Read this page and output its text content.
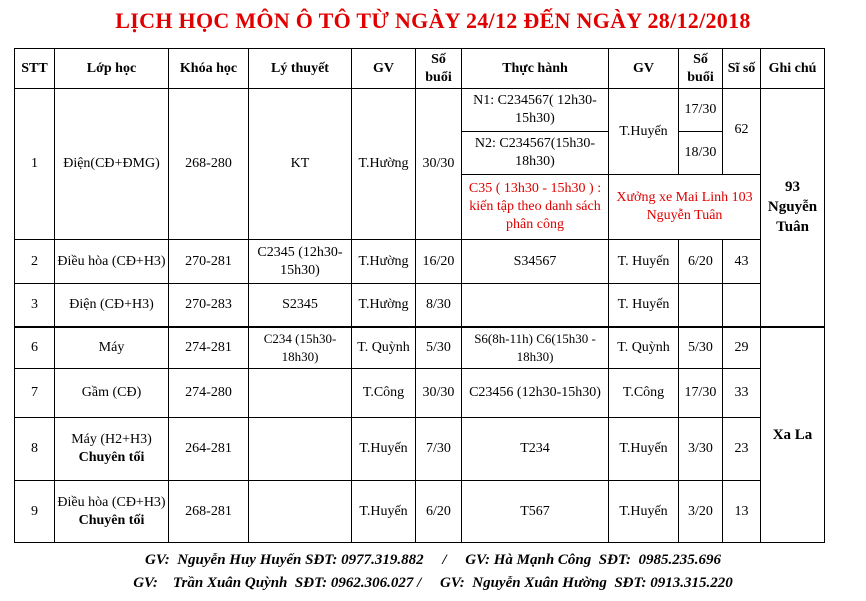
LỊCH HỌC MÔN Ô TÔ TỪ NGÀY 24/12 ĐẾN NGÀY 28/12/2018
STT	Lớp học	Khóa học	Lý thuyết	GV	Số buổi	Thực hành	GV	Số buổi	Sĩ số	Ghi chú
1	Điện(CĐ+ĐMG)	268-280	KT	T.Hường	30/30	N1: C234567( 12h30-15h30)	T.Huyến	17/30	62	93 Nguyễn Tuân
						N2: C234567(15h30-18h30)		18/30		
						C35 ( 13h30 - 15h30 ) : kiến tập theo danh sách phân công	Xưởng xe Mai Linh 103 Nguyễn Tuân			
2	Điều hòa (CĐ+H3)	270-281	C2345 (12h30-15h30)	T.Hường	16/20	S34567	T. Huyến	6/20	43	
3	Điện (CĐ+H3)	270-283	S2345	T.Hường	8/30		T. Huyến			
6	Máy	274-281	C234 (15h30-18h30)	T. Quỳnh	5/30	S6(8h-11h) C6(15h30 - 18h30)	T. Quỳnh	5/30	29	Xa La
7	Gầm (CĐ)	274-280		T.Công	30/30	C23456 (12h30-15h30)	T.Công	17/30	33	
8	Máy (H2+H3)
Chuyên tối	264-281		T.Huyến	7/30	T234	T.Huyến	3/30	23	
9	Điều hòa (CĐ+H3)
Chuyên tối	268-281		T.Huyến	6/20	T567	T.Huyến	3/20	13	
GV:  Nguyễn Huy Huyến SĐT: 0977.319.882     /     GV: Hà Mạnh Công  SĐT:  0985.235.696
GV:    Trần Xuân Quỳnh  SĐT: 0962.306.027 /     GV:  Nguyễn Xuân Hường  SĐT: 0913.315.220
